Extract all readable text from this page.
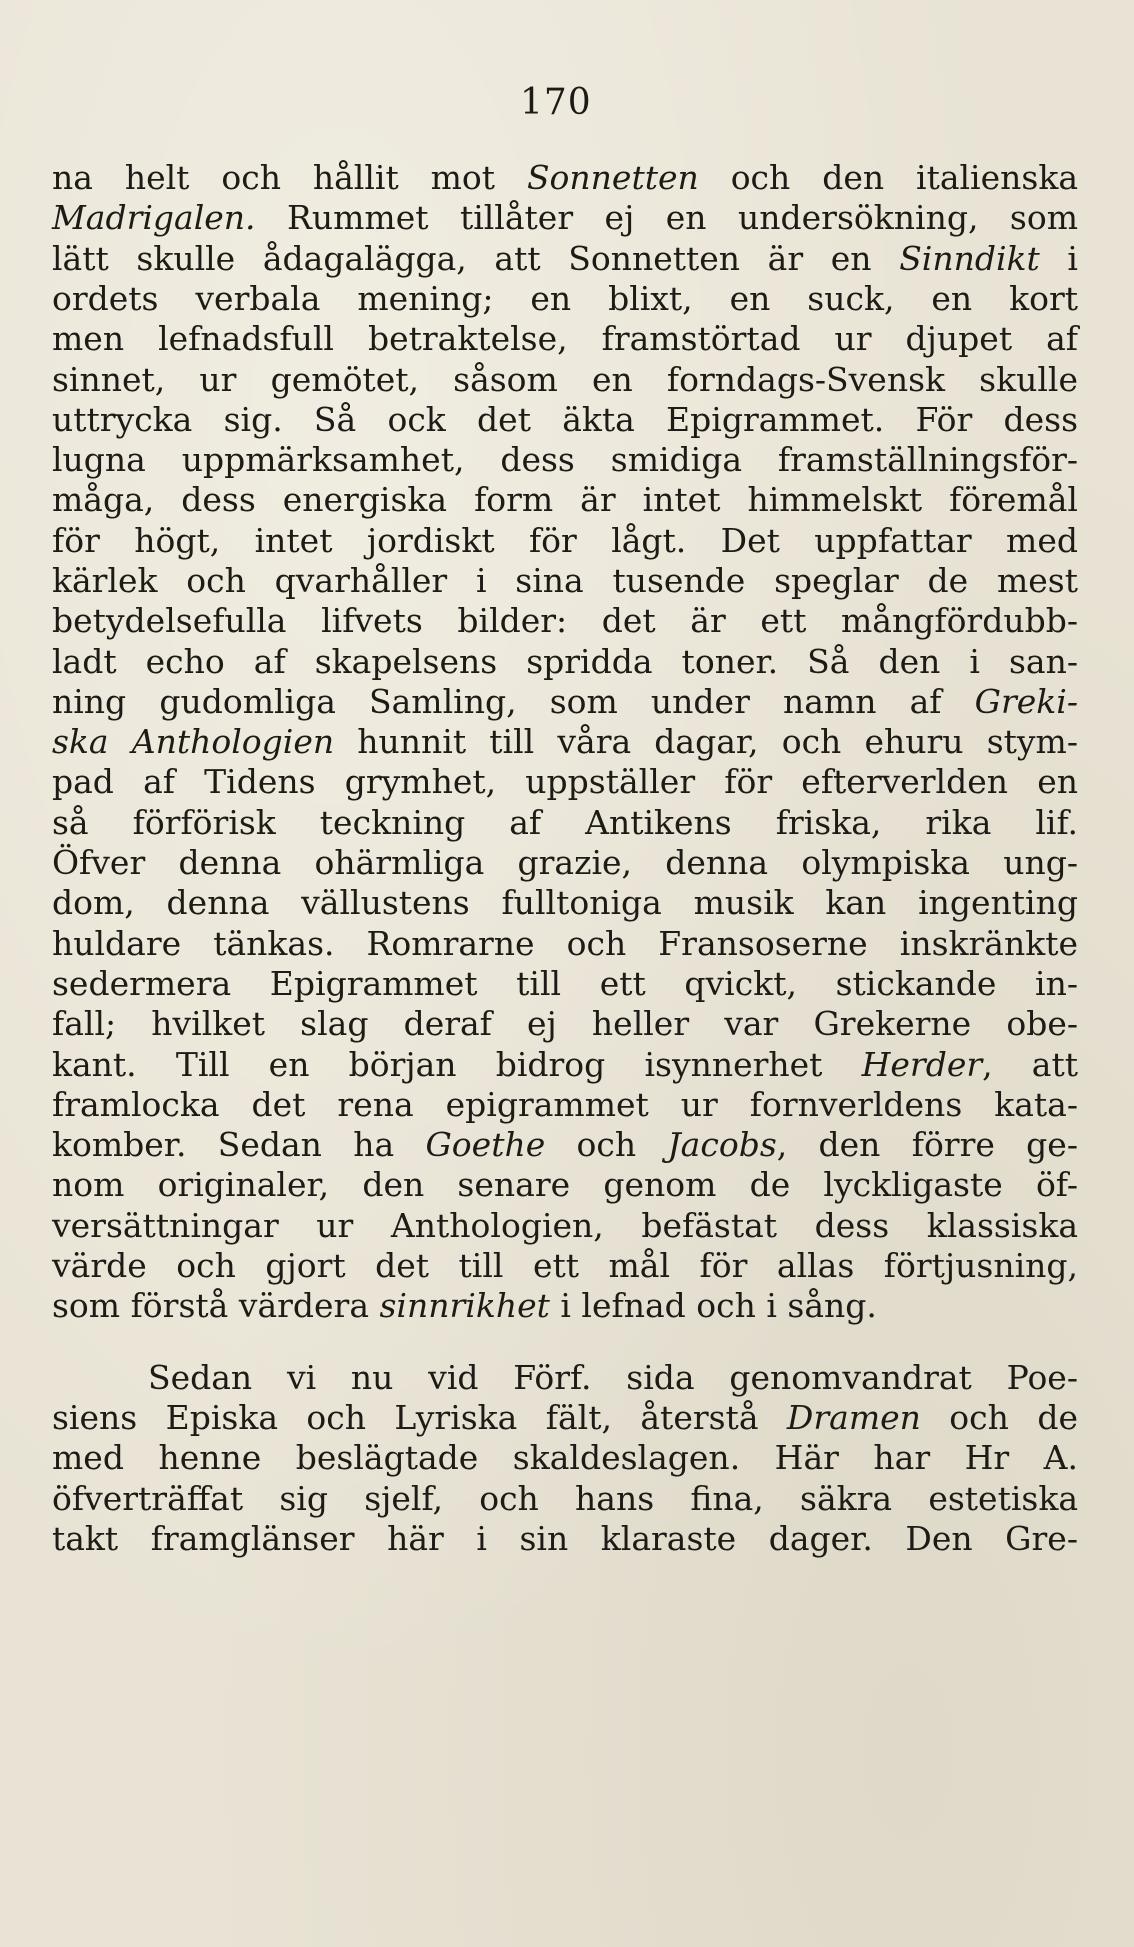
170
na helt och hållit mot Sonnetten och den italienska
Madrigalen. Rummet tillåter ej en undersökning, som
lätt skulle ådagalägga, att Sonnetten är en Sinndikt i
ordets verbala mening; en blixt, en suck, en kort
men lefnadsfull betraktelse, framstörtad ur djupet af
sinnet, ur gemötet, såsom en forndags-Svensk skulle
uttrycka sig. Så ock det äkta Epigrammet. För dess
lugna uppmärksamhet, dess smidiga framställningsför-
måga, dess energiska form är intet himmelskt föremål
för högt, intet jordiskt för lågt. Det uppfattar med
kärlek och qvarhåller i sina tusende speglar de mest
betydelsefulla lifvets bilder: det är ett mångfördubb-
ladt echo af skapelsens spridda toner. Så den i san-
ning gudomliga Samling, som under namn af Greki-
ska Anthologien hunnit till våra dagar, och ehuru stym-
pad af Tidens grymhet, uppställer för efterverlden en
så förförisk teckning af Antikens friska, rika lif.
Öfver denna ohärmliga grazie, denna olympiska ung-
dom, denna vällustens fulltoniga musik kan ingenting
huldare tänkas. Romrarne och Fransoserne inskränkte
sedermera Epigrammet till ett qvickt, stickande in-
fall; hvilket slag deraf ej heller var Grekerne obe-
kant. Till en början bidrog isynnerhet Herder, att
framlocka det rena epigrammet ur fornverldens kata-
komber. Sedan ha Goethe och Jacobs, den förre ge-
nom originaler, den senare genom de lyckligaste öf-
versättningar ur Anthologien, befästat dess klassiska
värde och gjort det till ett mål för allas förtjusning,
som förstå värdera sinnrikhet i lefnad och i sång.
Sedan vi nu vid Förf. sida genomvandrat Poe-
siens Episka och Lyriska fält, återstå Dramen och de
med henne beslägtade skaldeslagen. Här har Hr A.
öfverträffat sig sjelf, och hans fina, säkra estetiska
takt framglänser här i sin klaraste dager. Den Gre-
